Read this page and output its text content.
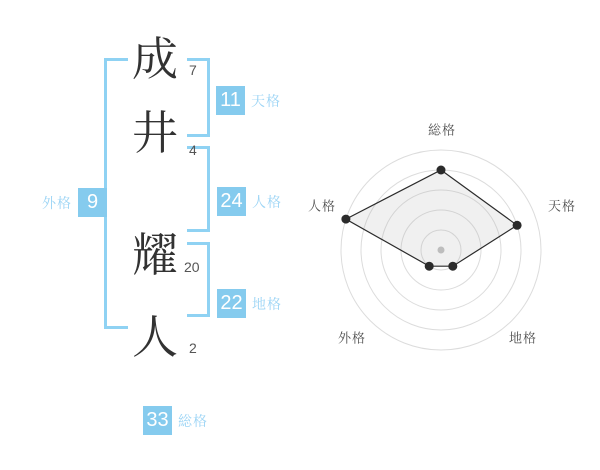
成
井
耀
人
7
4
20
2
外格 9
11 天格
24 人格
22 地格
33 総格
総格
天格
地格
外格
人格
